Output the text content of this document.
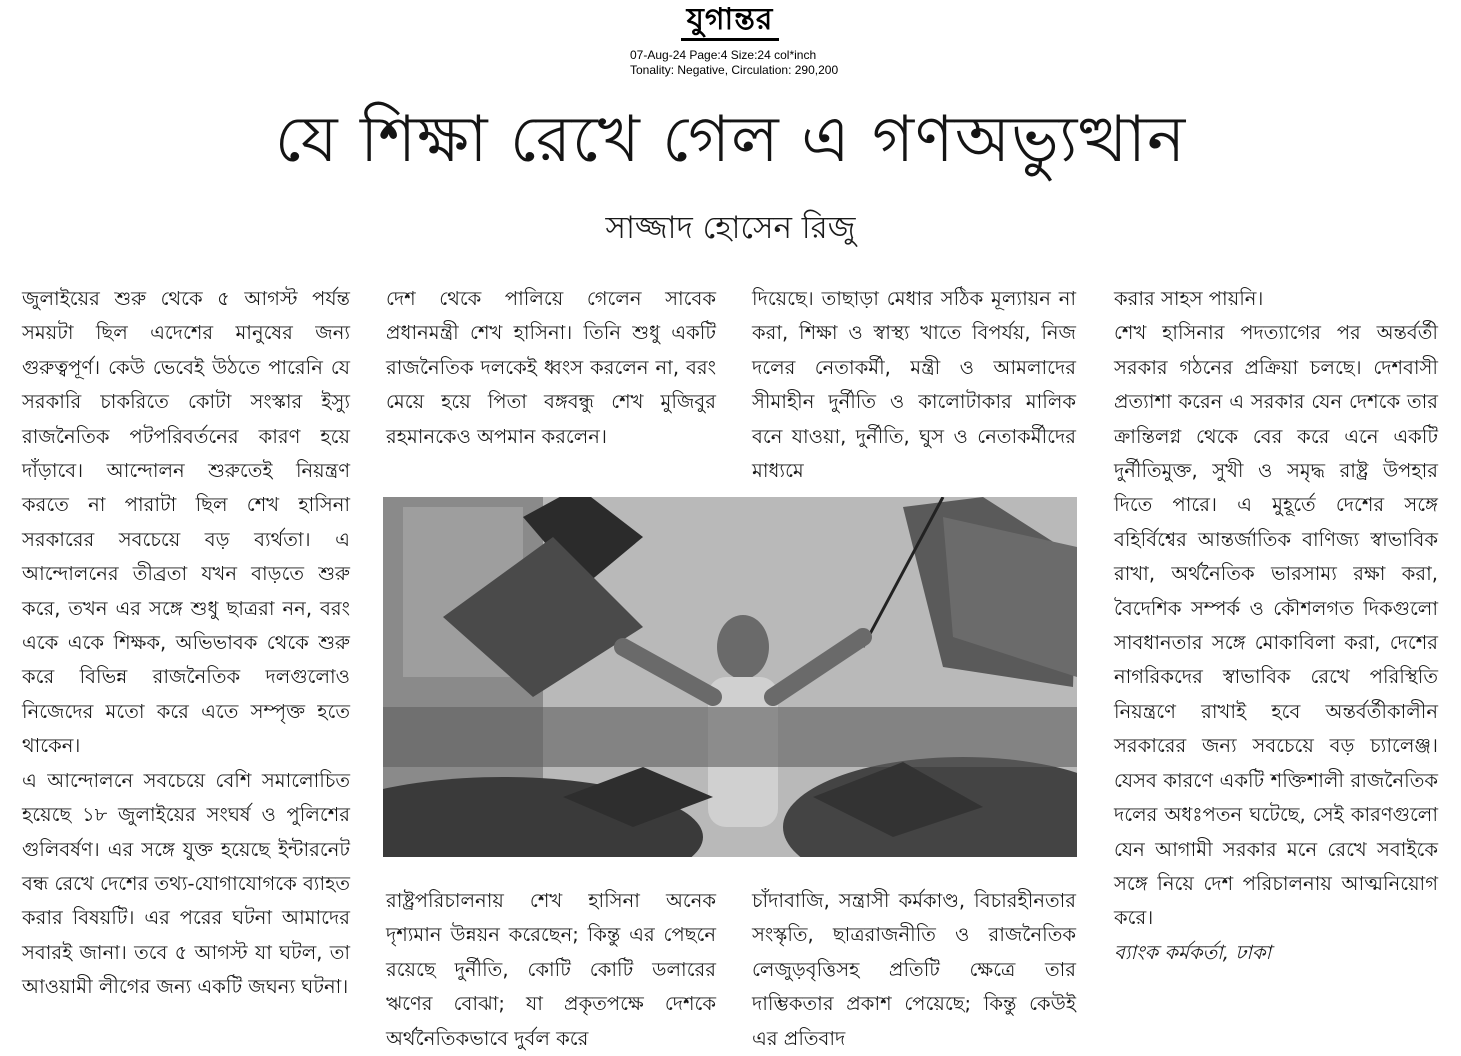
যুগান্তর
07-Aug-24 Page:4 Size:24 col*inch
Tonality: Negative, Circulation: 290,200
যে শিক্ষা রেখে গেল এ গণঅভ্যুত্থান
সাজ্জাদ হোসেন রিজু

জুলাইয়ের শুরু থেকে ৫ আগস্ট পর্যন্ত সময়টা ছিল এদেশের মানুষের জন্য গুরুত্বপূর্ণ। কেউ ভেবেই উঠতে পারেনি যে সরকারি চাকরিতে কোটা সংস্কার ইস্যু রাজনৈতিক পটপরিবর্তনের কারণ হয়ে দাঁড়াবে। আন্দোলন শুরুতেই নিয়ন্ত্রণ করতে না পারাটা ছিল শেখ হাসিনা সরকারের সবচেয়ে বড় ব্যর্থতা। এ আন্দোলনের তীব্রতা যখন বাড়তে শুরু করে, তখন এর সঙ্গে শুধু ছাত্ররা নন, বরং একে একে শিক্ষক, অভিভাবক থেকে শুরু করে বিভিন্ন রাজনৈতিক দলগুলোও নিজেদের মতো করে এতে সম্পৃক্ত হতে থাকেন।

এ আন্দোলনে সবচেয়ে বেশি সমালোচিত হয়েছে ১৮ জুলাইয়ের সংঘর্ষ ও পুলিশের গুলিবর্ষণ। এর সঙ্গে যুক্ত হয়েছে ইন্টারনেট বন্ধ রেখে দেশের তথ্য-যোগাযোগকে ব্যাহত করার বিষয়টি। এর পরের ঘটনা আমাদের সবারই জানা। তবে ৫ আগস্ট যা ঘটল, তা আওয়ামী লীগের জন্য একটি জঘন্য ঘটনা।

দেশ থেকে পালিয়ে গেলেন সাবেক প্রধানমন্ত্রী শেখ হাসিনা। তিনি শুধু একটি রাজনৈতিক দলকেই ধ্বংস করলেন না, বরং মেয়ে হয়ে পিতা বঙ্গবন্ধু শেখ মুজিবুর রহমানকেও অপমান করলেন।

দিয়েছে। তাছাড়া মেধার সঠিক মূল্যায়ন না করা, শিক্ষা ও স্বাস্থ্য খাতে বিপর্যয়, নিজ দলের নেতাকর্মী, মন্ত্রী ও আমলাদের সীমাহীন দুর্নীতি ও কালোটাকার মালিক বনে যাওয়া, দুর্নীতি, ঘুস ও নেতাকর্মীদের মাধ্যমে

রাষ্ট্রপরিচালনায় শেখ হাসিনা অনেক দৃশ্যমান উন্নয়ন করেছেন; কিন্তু এর পেছনে রয়েছে দুর্নীতি, কোটি কোটি ডলারের ঋণের বোঝা; যা প্রকৃতপক্ষে দেশকে অর্থনৈতিকভাবে দুর্বল করে

চাঁদাবাজি, সন্ত্রাসী কর্মকাণ্ড, বিচারহীনতার সংস্কৃতি, ছাত্ররাজনীতি ও রাজনৈতিক লেজুড়বৃত্তিসহ প্রতিটি ক্ষেত্রে তার দাম্ভিকতার প্রকাশ পেয়েছে; কিন্তু কেউই এর প্রতিবাদ

করার সাহস পায়নি।

শেখ হাসিনার পদত্যাগের পর অন্তর্বর্তী সরকার গঠনের প্রক্রিয়া চলছে। দেশবাসী প্রত্যাশা করেন এ সরকার যেন দেশকে তার ক্রান্তিলগ্ন থেকে বের করে এনে একটি দুর্নীতিমুক্ত, সুখী ও সমৃদ্ধ রাষ্ট্র উপহার দিতে পারে। এ মুহূর্তে দেশের সঙ্গে বহির্বিশ্বের আন্তর্জাতিক বাণিজ্য স্বাভাবিক রাখা, অর্থনৈতিক ভারসাম্য রক্ষা করা, বৈদেশিক সম্পর্ক ও কৌশলগত দিকগুলো সাবধানতার সঙ্গে মোকাবিলা করা, দেশের নাগরিকদের স্বাভাবিক রেখে পরিস্থিতি নিয়ন্ত্রণে রাখাই হবে অন্তর্বর্তীকালীন সরকারের জন্য সবচেয়ে বড় চ্যালেঞ্জ। যেসব কারণে একটি শক্তিশালী রাজনৈতিক দলের অধঃপতন ঘটেছে, সেই কারণগুলো যেন আগামী সরকার মনে রেখে সবাইকে সঙ্গে নিয়ে দেশ পরিচালনায় আত্মনিয়োগ করে।

ব্যাংক কর্মকর্তা, ঢাকা
